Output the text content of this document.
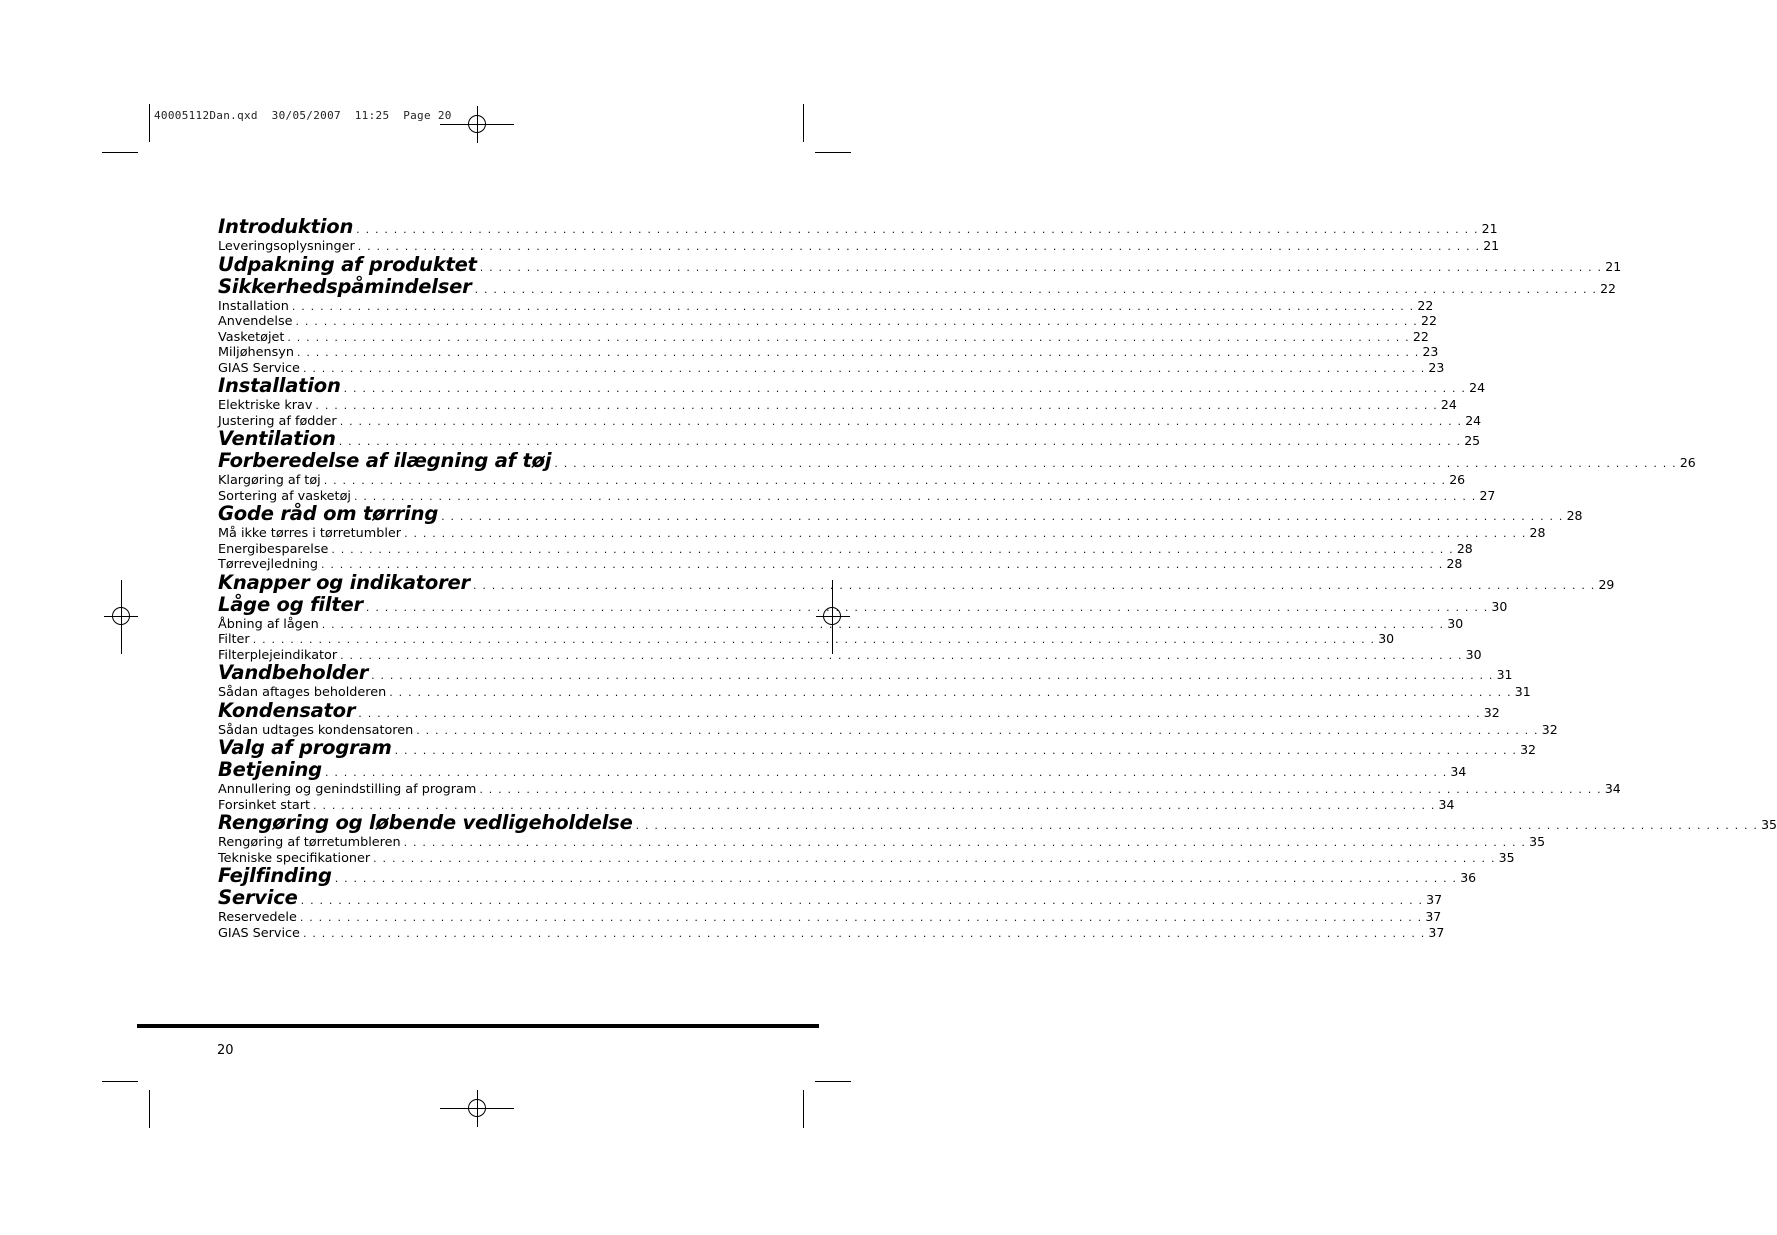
40005112Dan.qxd  30/05/2007  11:25  Page 20
Introduktion . . . . . . . . . . . . . . . . . . . . . . . . . . . . . . . . . . . . . . . . . . . . . . . . . . . . . . . . . . . . . . . . . . . . . . . . . . . . . . . . . . . . . . . . . . . . . . . . . . . . . . . . . . . . . . . . . . . . . . . . 21
Leveringsoplysninger . . . . . . . . . . . . . . . . . . . . . . . . . . . . . . . . . . . . . . . . . . . . . . . . . . . . . . . . . . . . . . . . . . . . . . . . . . . . . . . . . . . . . . . . . . . . . . . . . . . . . . . . . . . . . . . . . . . . . . . . 21
Udpakning af produktet . . . . . . . . . . . . . . . . . . . . . . . . . . . . . . . . . . . . . . . . . . . . . . . . . . . . . . . . . . . . . . . . . . . . . . . . . . . . . . . . . . . . . . . . . . . . . . . . . . . . . . . . . . . . . . . . . . . . . . . . 21
Sikkerhedspåmindelser . . . . . . . . . . . . . . . . . . . . . . . . . . . . . . . . . . . . . . . . . . . . . . . . . . . . . . . . . . . . . . . . . . . . . . . . . . . . . . . . . . . . . . . . . . . . . . . . . . . . . . . . . . . . . . . . . . . . . . . . 22
Installation . . . . . . . . . . . . . . . . . . . . . . . . . . . . . . . . . . . . . . . . . . . . . . . . . . . . . . . . . . . . . . . . . . . . . . . . . . . . . . . . . . . . . . . . . . . . . . . . . . . . . . . . . . . . . . . . . . . . . . . . 22
Anvendelse . . . . . . . . . . . . . . . . . . . . . . . . . . . . . . . . . . . . . . . . . . . . . . . . . . . . . . . . . . . . . . . . . . . . . . . . . . . . . . . . . . . . . . . . . . . . . . . . . . . . . . . . . . . . . . . . . . . . . . . . 22
Vasketøjet . . . . . . . . . . . . . . . . . . . . . . . . . . . . . . . . . . . . . . . . . . . . . . . . . . . . . . . . . . . . . . . . . . . . . . . . . . . . . . . . . . . . . . . . . . . . . . . . . . . . . . . . . . . . . . . . . . . . . . . . 22
Miljøhensyn . . . . . . . . . . . . . . . . . . . . . . . . . . . . . . . . . . . . . . . . . . . . . . . . . . . . . . . . . . . . . . . . . . . . . . . . . . . . . . . . . . . . . . . . . . . . . . . . . . . . . . . . . . . . . . . . . . . . . . . . 23
GIAS Service . . . . . . . . . . . . . . . . . . . . . . . . . . . . . . . . . . . . . . . . . . . . . . . . . . . . . . . . . . . . . . . . . . . . . . . . . . . . . . . . . . . . . . . . . . . . . . . . . . . . . . . . . . . . . . . . . . . . . . . . 23
Installation . . . . . . . . . . . . . . . . . . . . . . . . . . . . . . . . . . . . . . . . . . . . . . . . . . . . . . . . . . . . . . . . . . . . . . . . . . . . . . . . . . . . . . . . . . . . . . . . . . . . . . . . . . . . . . . . . . . . . . . . 24
Elektriske krav . . . . . . . . . . . . . . . . . . . . . . . . . . . . . . . . . . . . . . . . . . . . . . . . . . . . . . . . . . . . . . . . . . . . . . . . . . . . . . . . . . . . . . . . . . . . . . . . . . . . . . . . . . . . . . . . . . . . . . . . 24
Justering af fødder . . . . . . . . . . . . . . . . . . . . . . . . . . . . . . . . . . . . . . . . . . . . . . . . . . . . . . . . . . . . . . . . . . . . . . . . . . . . . . . . . . . . . . . . . . . . . . . . . . . . . . . . . . . . . . . . . . . . . . . . 24
Ventilation . . . . . . . . . . . . . . . . . . . . . . . . . . . . . . . . . . . . . . . . . . . . . . . . . . . . . . . . . . . . . . . . . . . . . . . . . . . . . . . . . . . . . . . . . . . . . . . . . . . . . . . . . . . . . . . . . . . . . . . . 25
Forberedelse af ilægning af tøj . . . . . . . . . . . . . . . . . . . . . . . . . . . . . . . . . . . . . . . . . . . . . . . . . . . . . . . . . . . . . . . . . . . . . . . . . . . . . . . . . . . . . . . . . . . . . . . . . . . . . . . . . . . . . . . . . . . . . . . . 26
Klargøring af tøj . . . . . . . . . . . . . . . . . . . . . . . . . . . . . . . . . . . . . . . . . . . . . . . . . . . . . . . . . . . . . . . . . . . . . . . . . . . . . . . . . . . . . . . . . . . . . . . . . . . . . . . . . . . . . . . . . . . . . . . . 26
Sortering af vasketøj . . . . . . . . . . . . . . . . . . . . . . . . . . . . . . . . . . . . . . . . . . . . . . . . . . . . . . . . . . . . . . . . . . . . . . . . . . . . . . . . . . . . . . . . . . . . . . . . . . . . . . . . . . . . . . . . . . . . . . . . 27
Gode råd om tørring . . . . . . . . . . . . . . . . . . . . . . . . . . . . . . . . . . . . . . . . . . . . . . . . . . . . . . . . . . . . . . . . . . . . . . . . . . . . . . . . . . . . . . . . . . . . . . . . . . . . . . . . . . . . . . . . . . . . . . . . 28
Må ikke tørres i tørretumbler . . . . . . . . . . . . . . . . . . . . . . . . . . . . . . . . . . . . . . . . . . . . . . . . . . . . . . . . . . . . . . . . . . . . . . . . . . . . . . . . . . . . . . . . . . . . . . . . . . . . . . . . . . . . . . . . . . . . . . . . 28
Energibesparelse . . . . . . . . . . . . . . . . . . . . . . . . . . . . . . . . . . . . . . . . . . . . . . . . . . . . . . . . . . . . . . . . . . . . . . . . . . . . . . . . . . . . . . . . . . . . . . . . . . . . . . . . . . . . . . . . . . . . . . . . 28
Tørrevejledning . . . . . . . . . . . . . . . . . . . . . . . . . . . . . . . . . . . . . . . . . . . . . . . . . . . . . . . . . . . . . . . . . . . . . . . . . . . . . . . . . . . . . . . . . . . . . . . . . . . . . . . . . . . . . . . . . . . . . . . . 28
Knapper og indikatorer . . . . . . . . . . . . . . . . . . . . . . . . . . . . . . . . . . . . . . . . . . . . . . . . . . . . . . . . . . . . . . . . . . . . . . . . . . . . . . . . . . . . . . . . . . . . . . . . . . . . . . . . . . . . . . . . . . . . . . . . 29
Låge og filter . . . . . . . . . . . . . . . . . . . . . . . . . . . . . . . . . . . . . . . . . . . . . . . . . . . . . . . . . . . . . . . . . . . . . . . . . . . . . . . . . . . . . . . . . . . . . . . . . . . . . . . . . . . . . . . . . . . . . . . . 30
Åbning af lågen . . . . . . . . . . . . . . . . . . . . . . . . . . . . . . . . . . . . . . . . . . . . . . . . . . . . . . . . . . . . . . . . . . . . . . . . . . . . . . . . . . . . . . . . . . . . . . . . . . . . . . . . . . . . . . . . . . . . . . . . 30
Filter . . . . . . . . . . . . . . . . . . . . . . . . . . . . . . . . . . . . . . . . . . . . . . . . . . . . . . . . . . . . . . . . . . . . . . . . . . . . . . . . . . . . . . . . . . . . . . . . . . . . . . . . . . . . . . . . . . . . . . . . 30
Filterplejeindikator . . . . . . . . . . . . . . . . . . . . . . . . . . . . . . . . . . . . . . . . . . . . . . . . . . . . . . . . . . . . . . . . . . . . . . . . . . . . . . . . . . . . . . . . . . . . . . . . . . . . . . . . . . . . . . . . . . . . . . . . 30
Vandbeholder . . . . . . . . . . . . . . . . . . . . . . . . . . . . . . . . . . . . . . . . . . . . . . . . . . . . . . . . . . . . . . . . . . . . . . . . . . . . . . . . . . . . . . . . . . . . . . . . . . . . . . . . . . . . . . . . . . . . . . . . 31
Sådan aftages beholderen . . . . . . . . . . . . . . . . . . . . . . . . . . . . . . . . . . . . . . . . . . . . . . . . . . . . . . . . . . . . . . . . . . . . . . . . . . . . . . . . . . . . . . . . . . . . . . . . . . . . . . . . . . . . . . . . . . . . . . . . 31
Kondensator . . . . . . . . . . . . . . . . . . . . . . . . . . . . . . . . . . . . . . . . . . . . . . . . . . . . . . . . . . . . . . . . . . . . . . . . . . . . . . . . . . . . . . . . . . . . . . . . . . . . . . . . . . . . . . . . . . . . . . . . 32
Sådan udtages kondensatoren . . . . . . . . . . . . . . . . . . . . . . . . . . . . . . . . . . . . . . . . . . . . . . . . . . . . . . . . . . . . . . . . . . . . . . . . . . . . . . . . . . . . . . . . . . . . . . . . . . . . . . . . . . . . . . . . . . . . . . . . 32
Valg af program . . . . . . . . . . . . . . . . . . . . . . . . . . . . . . . . . . . . . . . . . . . . . . . . . . . . . . . . . . . . . . . . . . . . . . . . . . . . . . . . . . . . . . . . . . . . . . . . . . . . . . . . . . . . . . . . . . . . . . . . 32
Betjening . . . . . . . . . . . . . . . . . . . . . . . . . . . . . . . . . . . . . . . . . . . . . . . . . . . . . . . . . . . . . . . . . . . . . . . . . . . . . . . . . . . . . . . . . . . . . . . . . . . . . . . . . . . . . . . . . . . . . . . . 34
Annullering og genindstilling af program . . . . . . . . . . . . . . . . . . . . . . . . . . . . . . . . . . . . . . . . . . . . . . . . . . . . . . . . . . . . . . . . . . . . . . . . . . . . . . . . . . . . . . . . . . . . . . . . . . . . . . . . . . . . . . . . . . . . . . . . 34
Forsinket start . . . . . . . . . . . . . . . . . . . . . . . . . . . . . . . . . . . . . . . . . . . . . . . . . . . . . . . . . . . . . . . . . . . . . . . . . . . . . . . . . . . . . . . . . . . . . . . . . . . . . . . . . . . . . . . . . . . . . . . . 34
Rengøring og løbende vedligeholdelse . . . . . . . . . . . . . . . . . . . . . . . . . . . . . . . . . . . . . . . . . . . . . . . . . . . . . . . . . . . . . . . . . . . . . . . . . . . . . . . . . . . . . . . . . . . . . . . . . . . . . . . . . . . . . . . . . . . . . . . . 35
Rengøring af tørretumbleren . . . . . . . . . . . . . . . . . . . . . . . . . . . . . . . . . . . . . . . . . . . . . . . . . . . . . . . . . . . . . . . . . . . . . . . . . . . . . . . . . . . . . . . . . . . . . . . . . . . . . . . . . . . . . . . . . . . . . . . . 35
Tekniske specifikationer . . . . . . . . . . . . . . . . . . . . . . . . . . . . . . . . . . . . . . . . . . . . . . . . . . . . . . . . . . . . . . . . . . . . . . . . . . . . . . . . . . . . . . . . . . . . . . . . . . . . . . . . . . . . . . . . . . . . . . . . 35
Fejlfinding . . . . . . . . . . . . . . . . . . . . . . . . . . . . . . . . . . . . . . . . . . . . . . . . . . . . . . . . . . . . . . . . . . . . . . . . . . . . . . . . . . . . . . . . . . . . . . . . . . . . . . . . . . . . . . . . . . . . . . . . 36
Service . . . . . . . . . . . . . . . . . . . . . . . . . . . . . . . . . . . . . . . . . . . . . . . . . . . . . . . . . . . . . . . . . . . . . . . . . . . . . . . . . . . . . . . . . . . . . . . . . . . . . . . . . . . . . . . . . . . . . . . . 37
Reservedele . . . . . . . . . . . . . . . . . . . . . . . . . . . . . . . . . . . . . . . . . . . . . . . . . . . . . . . . . . . . . . . . . . . . . . . . . . . . . . . . . . . . . . . . . . . . . . . . . . . . . . . . . . . . . . . . . . . . . . . . 37
GIAS Service . . . . . . . . . . . . . . . . . . . . . . . . . . . . . . . . . . . . . . . . . . . . . . . . . . . . . . . . . . . . . . . . . . . . . . . . . . . . . . . . . . . . . . . . . . . . . . . . . . . . . . . . . . . . . . . . . . . . . . . . 37
20
